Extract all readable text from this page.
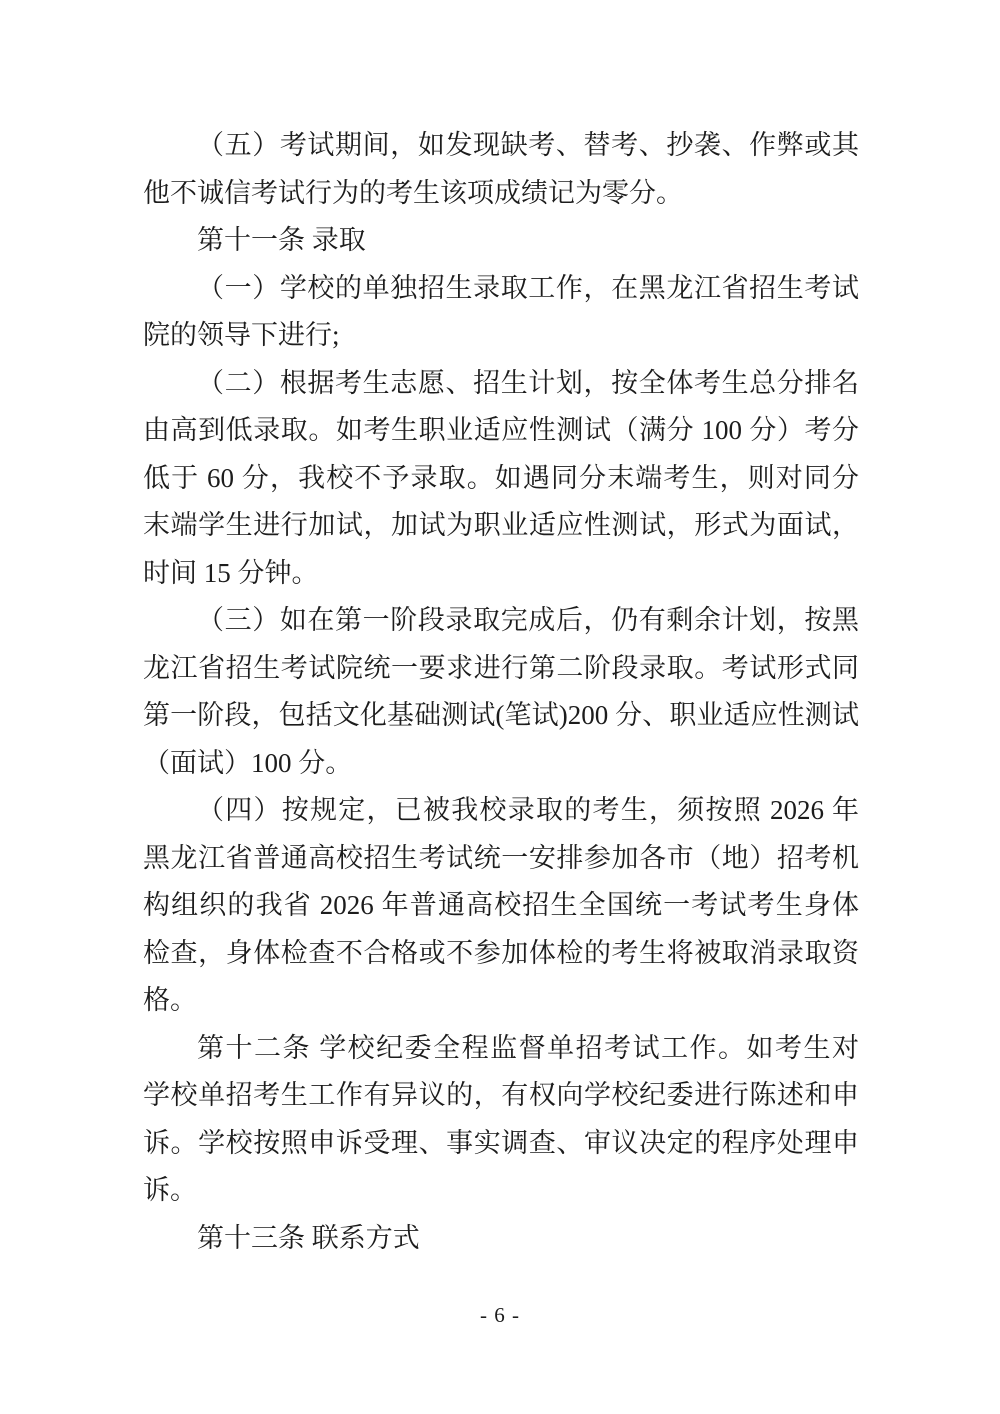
（五）考试期间，如发现缺考、替考、抄袭、作弊或其
他不诚信考试行为的考生该项成绩记为零分。
第十一条 录取
（一）学校的单独招生录取工作，在黑龙江省招生考试
院的领导下进行;
（二）根据考生志愿、招生计划，按全体考生总分排名
由高到低录取。如考生职业适应性测试（满分 100 分）考分
低于 60 分，我校不予录取。如遇同分末端考生，则对同分
末端学生进行加试，加试为职业适应性测试，形式为面试，
时间 15 分钟。
（三）如在第一阶段录取完成后，仍有剩余计划，按黑
龙江省招生考试院统一要求进行第二阶段录取。考试形式同
第一阶段，包括文化基础测试(笔试)200 分、职业适应性测试
（面试）100 分。
（四）按规定，已被我校录取的考生，须按照 2026 年
黑龙江省普通高校招生考试统一安排参加各市（地）招考机
构组织的我省 2026 年普通高校招生全国统一考试考生身体
检查，身体检查不合格或不参加体检的考生将被取消录取资
格。
第十二条 学校纪委全程监督单招考试工作。如考生对
学校单招考生工作有异议的，有权向学校纪委进行陈述和申
诉。学校按照申诉受理、事实调查、审议决定的程序处理申
诉。
第十三条 联系方式
- 6 -
